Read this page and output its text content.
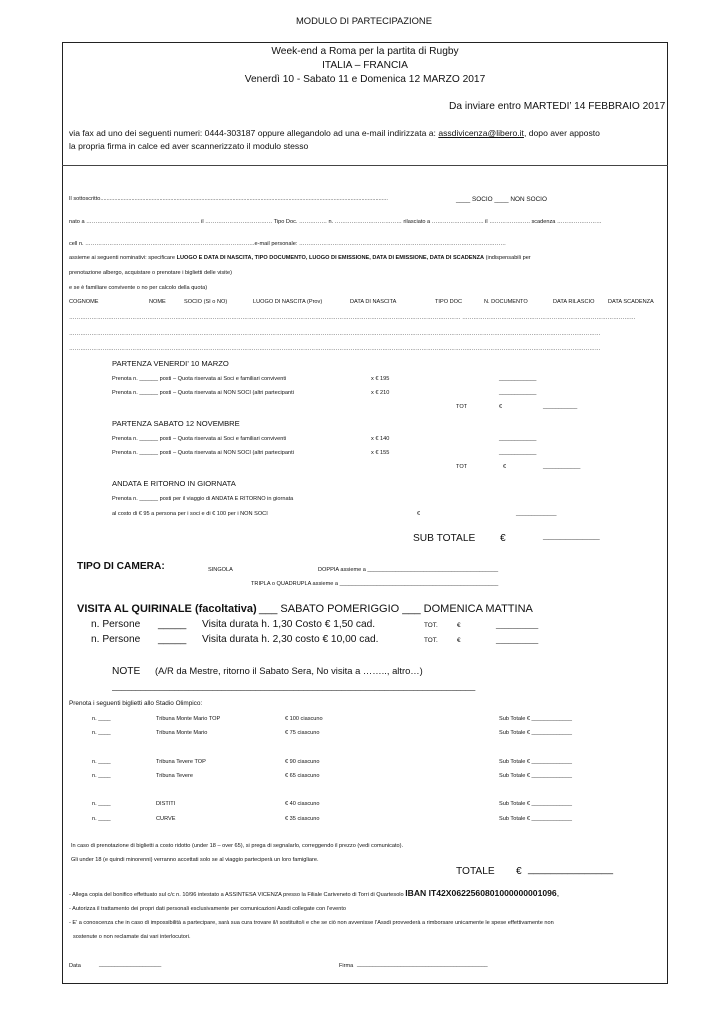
MODULO DI PARTECIPAZIONE
Week-end a Roma per la partita di Rugby
ITALIA – FRANCIA
Venerdì 10 - Sabato 11 e Domenica 12 MARZO 2017
Da inviare entro MARTEDI’ 14 FEBBRAIO 2017
via fax ad uno dei seguenti numeri: 0444-303187 oppure allegandolo ad una e-mail indirizzata a: assdivicenza@libero.it, dopo aver apposto
la propria firma in calce ed aver scannerizzato il modulo stesso
Il sottoscritto.........................................................................................................................................................................................	____ SOCIO ____ NON SOCIO
nato a ……………………………………………………. il ……………………………… Tipo Doc. …………… n. ……………………………… rilasciato a ………………………. il …………………. scadenza ……………………
cell n. ……………………………………………………………………………….e-mail personale: …………………………………………………………………………………………………
assieme ai seguenti nominativi: specificare LUOGO E DATA DI NASCITA, TIPO DOCUMENTO, LUOGO DI EMISSIONE, DATA DI EMISSIONE, DATA DI SCADENZA (indispensabili per
prenotazione albergo, acquistare o prenotare i biglietti delle visite)
e se è familiare convivente o no per calcolo della quota)
COGNOME	NOME	SOCIO (SI o NO)	LUOGO DI NASCITA (Prov)	DATA DI NASCITA	TIPO DOC	N. DOCUMENTO	DATA RILASCIO DATA SCADENZA
………………………………………………………………………………………………………………………………………………………………………………………… …………………………………………………………………………………
……………………………………………………………………………………………………………………………………………………………………………………………………………………………………………………………
……………………………………………………………………………………………………………………………………………………………………………………………………………………………………………………………
PARTENZA VENERDI’ 10 MARZO
Prenota n. ______ posti – Quota riservata ai Soci e familiari conviventi	x € 195	____________
Prenota n. ______ posti – Quota riservata ai NON SOCI (altri partecipanti	x € 210	____________
TOT	€	___________
PARTENZA SABATO 12 NOVEMBRE
Prenota n. ______ posti – Quota riservata ai Soci e familiari conviventi	x € 140	____________
Prenota n. ______ posti – Quota riservata ai NON SOCI (altri partecipanti	x € 155	____________
TOT	€	____________
ANDATA E RITORNO IN GIORNATA
Prenota n. ______ posti per il viaggio di ANDATA E RITORNO in giornata
al costo di € 95 a persona per i soci e di € 100 per i NON SOCI	€	_____________
SUB TOTALE €	__________
TIPO DI CAMERA:	SINGOLA	DOPPIA assieme a __________________________________________
TRIPLA o QUADRUPLA assieme a ___________________________________________________
VISITA AL QUIRINALE (facoltativa) ___ SABATO POMERIGGIO ___ DOMENICA MATTINA
n. Persone _____ Visita durata h. 1,30 Costo € 1,50 cad.	TOT.	€	__________
n. Persone _____ Visita durata h. 2,30 costo € 10,00 cad.	TOT.	€	__________
NOTE (A/R da Mestre, ritorno il Sabato Sera, No visita a …….., altro…)
____________________________________________________________________________
Prenota i seguenti biglietti allo Stadio Olimpico:
n. ____	Tribuna Monte Mario TOP	€ 100 ciascuno	Sub Totale € _____________
n. ____	Tribuna Monte Mario	€ 75 ciascuno	Sub Totale € _____________
n. ____	Tribuna Tevere TOP	€ 90 ciascuno	Sub Totale € _____________
n. ____	Tribuna Tevere	€ 65 ciascuno	Sub Totale € _____________
n. ____	DISTITI	€ 40 ciascuno	Sub Totale € _____________
n. ____	CURVE	€ 35 ciascuno	Sub Totale € _____________
In caso di prenotazione di biglietti a costo ridotto (under 18 – over 65), si prega di segnalarlo, correggendo il prezzo (vedi comunicato).
Gli under 18 (e quindi minorenni) verranno accettati solo se al viaggio parteciperà un loro famigliare.
TOTALE € _______________
- Allega copia del bonifico effettuato sul c/c n. 10/96 intestato a ASSINTESA VICENZA presso la Filiale Cariveneto di Torri di Quartesolo IBAN IT42X0622560801000000001096,
- Autorizza il trattamento dei propri dati personali esclusivamente per comunicazioni Assdi collegate con l’evento
- E’ a conoscenza che in caso di impossibilità a partecipare, sarà sua cura trovare il/i sostituito/i e che se ciò non avvenisse l’Assdi provvederà a rimborsare unicamente le spese effettivamente non
sostenute o non reclamate dai vari interlocutori.
Data	____________________	Firma __________________________________________
